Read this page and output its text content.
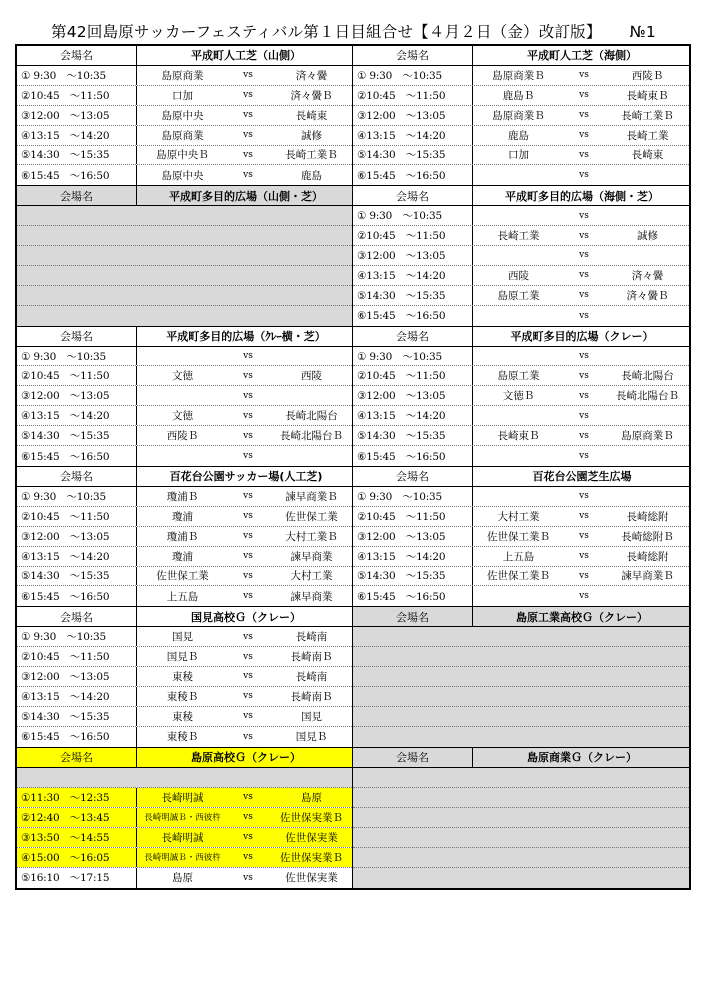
第42回島原サッカーフェスティバル第１日目組合せ【４月２日（金）改訂版】 №1
会場名	平成町人工芝（山側）
① 9:30　～10:35	島原商業	vs	済々黌
②10:45　～11:50	口加	vs	済々黌Ｂ
③12:00　～13:05	島原中央	vs	長崎東
④13:15　～14:20	島原商業	vs	誠修
⑤14:30　～15:35	島原中央Ｂ	vs	長崎工業Ｂ
⑥15:45　～16:50	島原中央	vs	鹿島
会場名	平成町人工芝（海側）
① 9:30　～10:35	島原商業Ｂ	vs	西陵Ｂ
②10:45　～11:50	鹿島Ｂ	vs	長崎東Ｂ
③12:00　～13:05	島原商業Ｂ	vs	長崎工業Ｂ
④13:15　～14:20	鹿島	vs	長崎工業
⑤14:30　～15:35	口加	vs	長崎東
⑥15:45　～16:50	vs
会場名	平成町多目的広場（山側・芝）	会場名	平成町多目的広場（海側・芝）
① 9:30　～10:35	vs
②10:45　～11:50	長崎工業	vs	誠修
③12:00　～13:05	vs
④13:15　～14:20	西陵	vs	済々黌
⑤14:30　～15:35	島原工業	vs	済々黌Ｂ
⑥15:45　～16:50	vs
会場名	平成町多目的広場（ｸﾚｰ横・芝）
① 9:30　～10:35	vs
②10:45　～11:50	文徳	vs	西陵
③12:00　～13:05	vs
④13:15　～14:20	文徳	vs	長崎北陽台
⑤14:30　～15:35	西陵Ｂ	vs	長崎北陽台Ｂ
⑥15:45　～16:50	vs
会場名	平成町多目的広場（クレー）
① 9:30　～10:35	vs
②10:45　～11:50	島原工業	vs	長崎北陽台
③12:00　～13:05	文徳Ｂ	vs	長崎北陽台Ｂ
④13:15　～14:20	vs
⑤14:30　～15:35	長崎東Ｂ	vs	島原商業Ｂ
⑥15:45　～16:50	vs
会場名	百花台公園サッカー場(人工芝)
① 9:30　～10:35	瓊浦Ｂ	vs	諫早商業Ｂ
②10:45　～11:50	瓊浦	vs	佐世保工業
③12:00　～13:05	瓊浦Ｂ	vs	大村工業Ｂ
④13:15　～14:20	瓊浦	vs	諫早商業
⑤14:30　～15:35	佐世保工業	vs	大村工業
⑥15:45　～16:50	上五島	vs	諫早商業
会場名	百花台公園芝生広場
① 9:30　～10:35	vs
②10:45　～11:50	大村工業	vs	長崎総附
③12:00　～13:05	佐世保工業Ｂ	vs	長崎総附Ｂ
④13:15　～14:20	上五島	vs	長崎総附
⑤14:30　～15:35	佐世保工業Ｂ	vs	諫早商業Ｂ
⑥15:45　～16:50	vs
会場名	国見高校Ｇ（クレー）
① 9:30　～10:35	国見	vs	長崎南
②10:45　～11:50	国見Ｂ	vs	長崎南Ｂ
③12:00　～13:05	東稜	vs	長崎南
④13:15　～14:20	東稜Ｂ	vs	長崎南Ｂ
⑤14:30　～15:35	東稜	vs	国見
⑥15:45　～16:50	東稜Ｂ	vs	国見Ｂ
会場名	島原工業高校Ｇ（クレー）
会場名	島原高校Ｇ（クレー）
①11:30　～12:35	長崎明誠	vs	島原
②12:40　～13:45	長崎明誠Ｂ・西彼杵	vs	佐世保実業Ｂ
③13:50　～14:55	長崎明誠	vs	佐世保実業
④15:00　～16:05	長崎明誠Ｂ・西彼杵	vs	佐世保実業Ｂ
⑤16:10　～17:15	島原	vs	佐世保実業
会場名	島原商業Ｇ（クレー）
